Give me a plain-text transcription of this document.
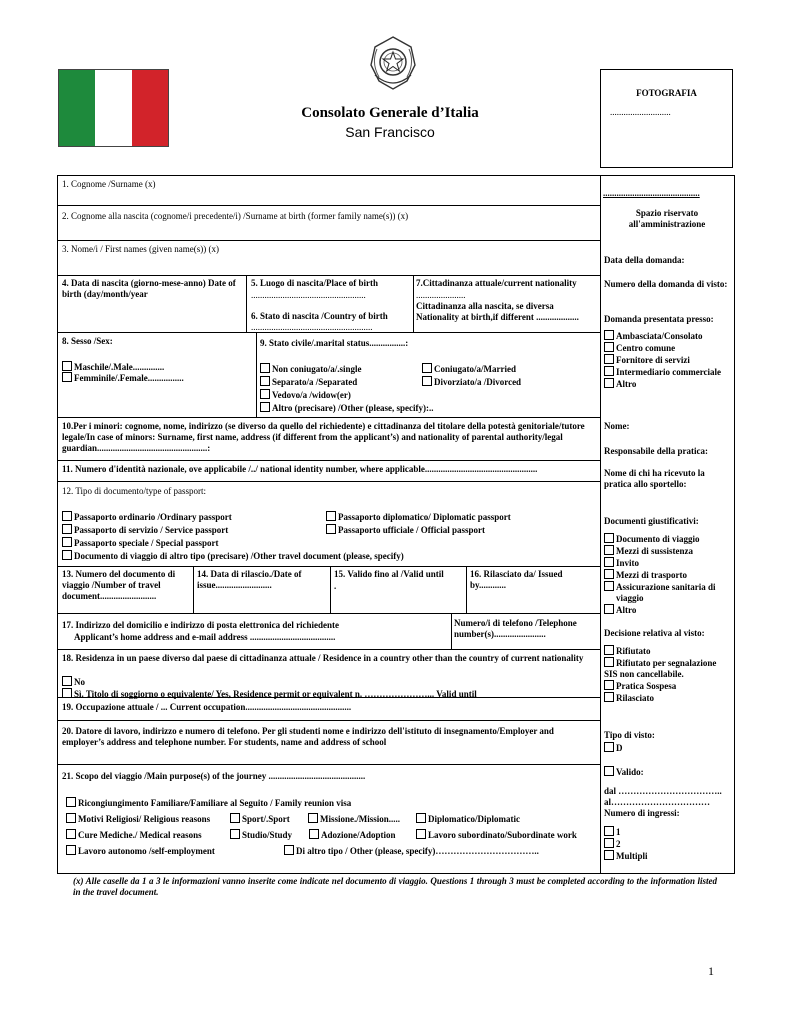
Consolato Generale d’Italia
San Francisco
FOTOGRAFIA
...........................
1. Cognome /Surname (x)
2. Cognome alla nascita (cognome/i precedente/i) /Surname at birth (former family name(s)) (x)
3. Nome/i / First names (given name(s)) (x)
4. Data di nascita (giorno-mese-anno) Date of birth (day/month/year
5. Luogo di nascita/Place of birth
...................................................
6. Stato di nascita /Country of birth
......................................................
7.Cittadinanza attuale/current nationality
......................
Cittadinanza alla nascita, se diversa Nationality at birth,if different ...................
8. Sesso /Sex:
Maschile/.Male..............
Femminile/.Female................
9. Stato civile/.marital status................:
Non coniugato/a/.single
Separato/a /Separated
Vedovo/a /widow(er)
Altro (precisare) /Other (please, specify):..
Coniugato/a/Married
Divorziato/a /Divorced
10.Per i minori: cognome, nome, indirizzo (se diverso da quello del richiedente) e cittadinanza del titolare della potestà genitoriale/tutore legale/In case of minors: Surname, first name, address (if different from the applicant’s) and nationality of parental authority/legal guardian.................................................:
11. Numero d'identità nazionale, ove applicabile /../ national identity number, where applicable..................................................
12. Tipo di documento/type of passport:
Passaporto ordinario /Ordinary passport
Passaporto di servizio / Service passport
Passaporto speciale / Special passport
Documento di viaggio di altro tipo (precisare) /Other travel document (please, specify)
Passaporto diplomatico/ Diplomatic passport
Passaporto ufficiale / Official passport
13. Numero del documento di viaggio /Number of travel document.........................
14. Data di rilascio./Date of issue.........................
15. Valido fino al /Valid until
.
16. Rilasciato da/ Issued by............
17. Indirizzo del domicilio e indirizzo di posta elettronica del richiedente
Applicant’s home address and e-mail address ......................................
Numero/i di telefono /Telephone number(s).......................
18. Residenza in un paese diverso dal paese di cittadinanza attuale / Residence in a country other than the country of current nationality
No
Sì. Titolo di soggiorno o equivalente/ Yes, Residence permit or equivalent n. …………………... Valid until
19. Occupazione attuale / ... Current occupation...............................................
20. Datore di lavoro, indirizzo e numero di telefono. Per gli studenti nome e indirizzo dell'istituto di insegnamento/Employer and employer’s address and telephone number. For students, name and address of school
21. Scopo del viaggio /Main purpose(s) of the journey ...........................................
Ricongiungimento Familiare/Familiare al Seguito / Family reunion visa
Motivi Religiosi/ Religious reasons	Sport/.Sport	Missione./Mission.....	Diplomatico/Diplomatic
Cure Mediche./ Medical reasons	Studio/Study	Adozione/Adoption	Lavoro subordinato/Subordinate work
Lavoro autonomo /self-employment	Di altro tipo / Other (please, specify)……………………………..
...........................................
Spazio riservato all'amministrazione
Data della domanda:
Numero della domanda di visto:
Domanda presentata presso:
Ambasciata/Consolato
Centro comune
Fornitore di servizi
Intermediario commerciale
Altro
Nome:
Responsabile della pratica:
Nome di chi ha ricevuto la pratica allo sportello:
Documenti giustificativi:
Documento di viaggio
Mezzi di sussistenza
Invito
Mezzi di trasporto
Assicurazione sanitaria di viaggio
Altro
Decisione relativa al visto:
Rifiutato
Rifiutato per segnalazione SIS non cancellabile.
Pratica Sospesa
Rilasciato
Tipo di visto:
D
Valido:
dal ……………………………..
al……………………………
Numero di ingressi:
1
2
Multipli
(x) Alle caselle da 1 a 3 le informazioni vanno inserite come indicate nel documento di viaggio. Questions 1 through 3 must be completed according to the information listed in the travel document.
1
